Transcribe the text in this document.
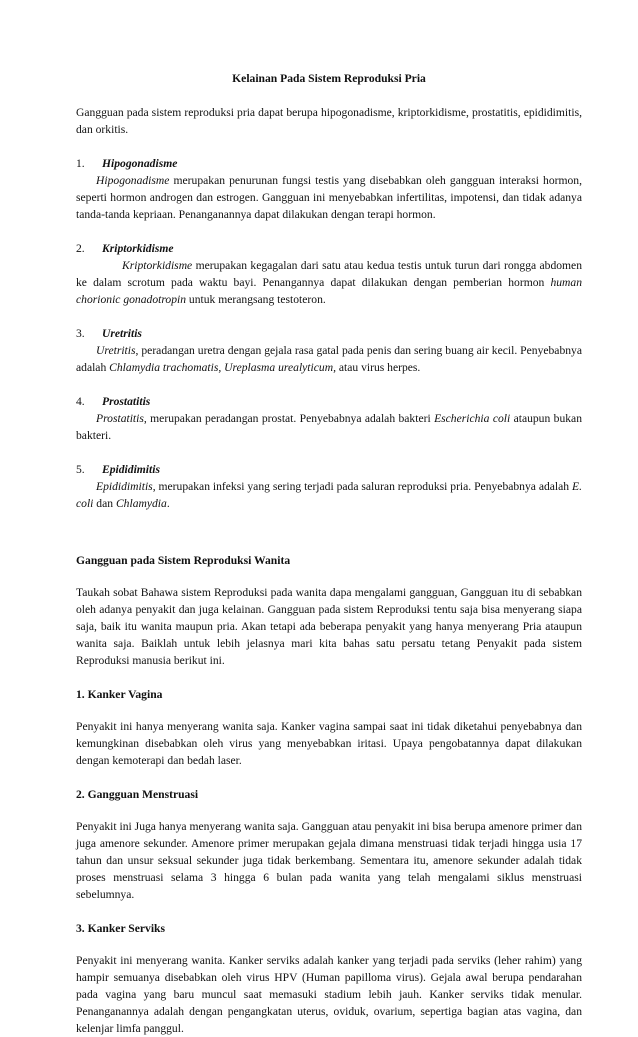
Kelainan Pada Sistem Reproduksi Pria

Gangguan pada sistem reproduksi pria dapat berupa hipogonadisme, kriptorkidisme, prostatitis, epididimitis, dan orkitis.

1.	Hipogonadisme

Hipogonadisme merupakan penurunan fungsi testis yang disebabkan oleh gangguan interaksi hormon, seperti hormon androgen dan estrogen. Gangguan ini menyebabkan infertilitas, impotensi, dan tidak adanya tanda-tanda kepriaan. Penanganannya dapat dilakukan dengan terapi hormon.

2.	Kriptorkidisme

Kriptorkidisme merupakan kegagalan dari satu atau kedua testis untuk turun dari rongga abdomen ke dalam scrotum pada waktu bayi. Penangannya dapat dilakukan dengan pemberian hormon human chorionic gonadotropin untuk merangsang testoteron.

3.	Uretritis

Uretritis, peradangan uretra dengan gejala rasa gatal pada penis dan sering buang air kecil. Penyebabnya adalah Chlamydia trachomatis, Ureplasma urealyticum, atau virus herpes.

4.	Prostatitis

Prostatitis, merupakan peradangan prostat. Penyebabnya adalah bakteri Escherichia coli ataupun bukan bakteri.

5.	Epididimitis

Epididimitis, merupakan infeksi yang sering terjadi pada saluran reproduksi pria. Penyebabnya adalah E. coli dan Chlamydia.

Gangguan pada Sistem Reproduksi Wanita

Taukah sobat Bahawa sistem Reproduksi pada wanita dapa mengalami gangguan, Gangguan itu di sebabkan oleh adanya penyakit dan juga kelainan. Gangguan pada sistem Reproduksi tentu saja bisa menyerang siapa saja, baik itu wanita maupun pria. Akan tetapi ada beberapa penyakit yang hanya menyerang Pria ataupun wanita saja. Baiklah untuk lebih jelasnya mari kita bahas satu persatu tetang Penyakit pada sistem Reproduksi manusia berikut ini.

1. Kanker Vagina

Penyakit ini hanya menyerang wanita saja. Kanker vagina sampai saat ini tidak diketahui penyebabnya dan kemungkinan disebabkan oleh virus yang menyebabkan iritasi. Upaya pengobatannya dapat dilakukan dengan kemoterapi dan bedah laser.

2. Gangguan Menstruasi

Penyakit ini Juga hanya menyerang wanita saja. Gangguan atau penyakit ini bisa berupa amenore primer dan juga amenore sekunder. Amenore primer merupakan gejala dimana menstruasi tidak terjadi hingga usia 17 tahun dan unsur seksual sekunder juga tidak berkembang. Sementara itu, amenore sekunder adalah tidak proses menstruasi selama 3 hingga 6 bulan pada wanita yang telah mengalami siklus menstruasi sebelumnya.

3. Kanker Serviks

Penyakit ini menyerang wanita. Kanker serviks adalah kanker yang terjadi pada serviks (leher rahim) yang hampir semuanya disebabkan oleh virus HPV (Human papilloma virus). Gejala awal berupa pendarahan pada vagina yang baru muncul saat memasuki stadium lebih jauh. Kanker serviks tidak menular. Penanganannya adalah dengan pengangkatan uterus, oviduk, ovarium, sepertiga bagian atas vagina, dan kelenjar limfa panggul.
